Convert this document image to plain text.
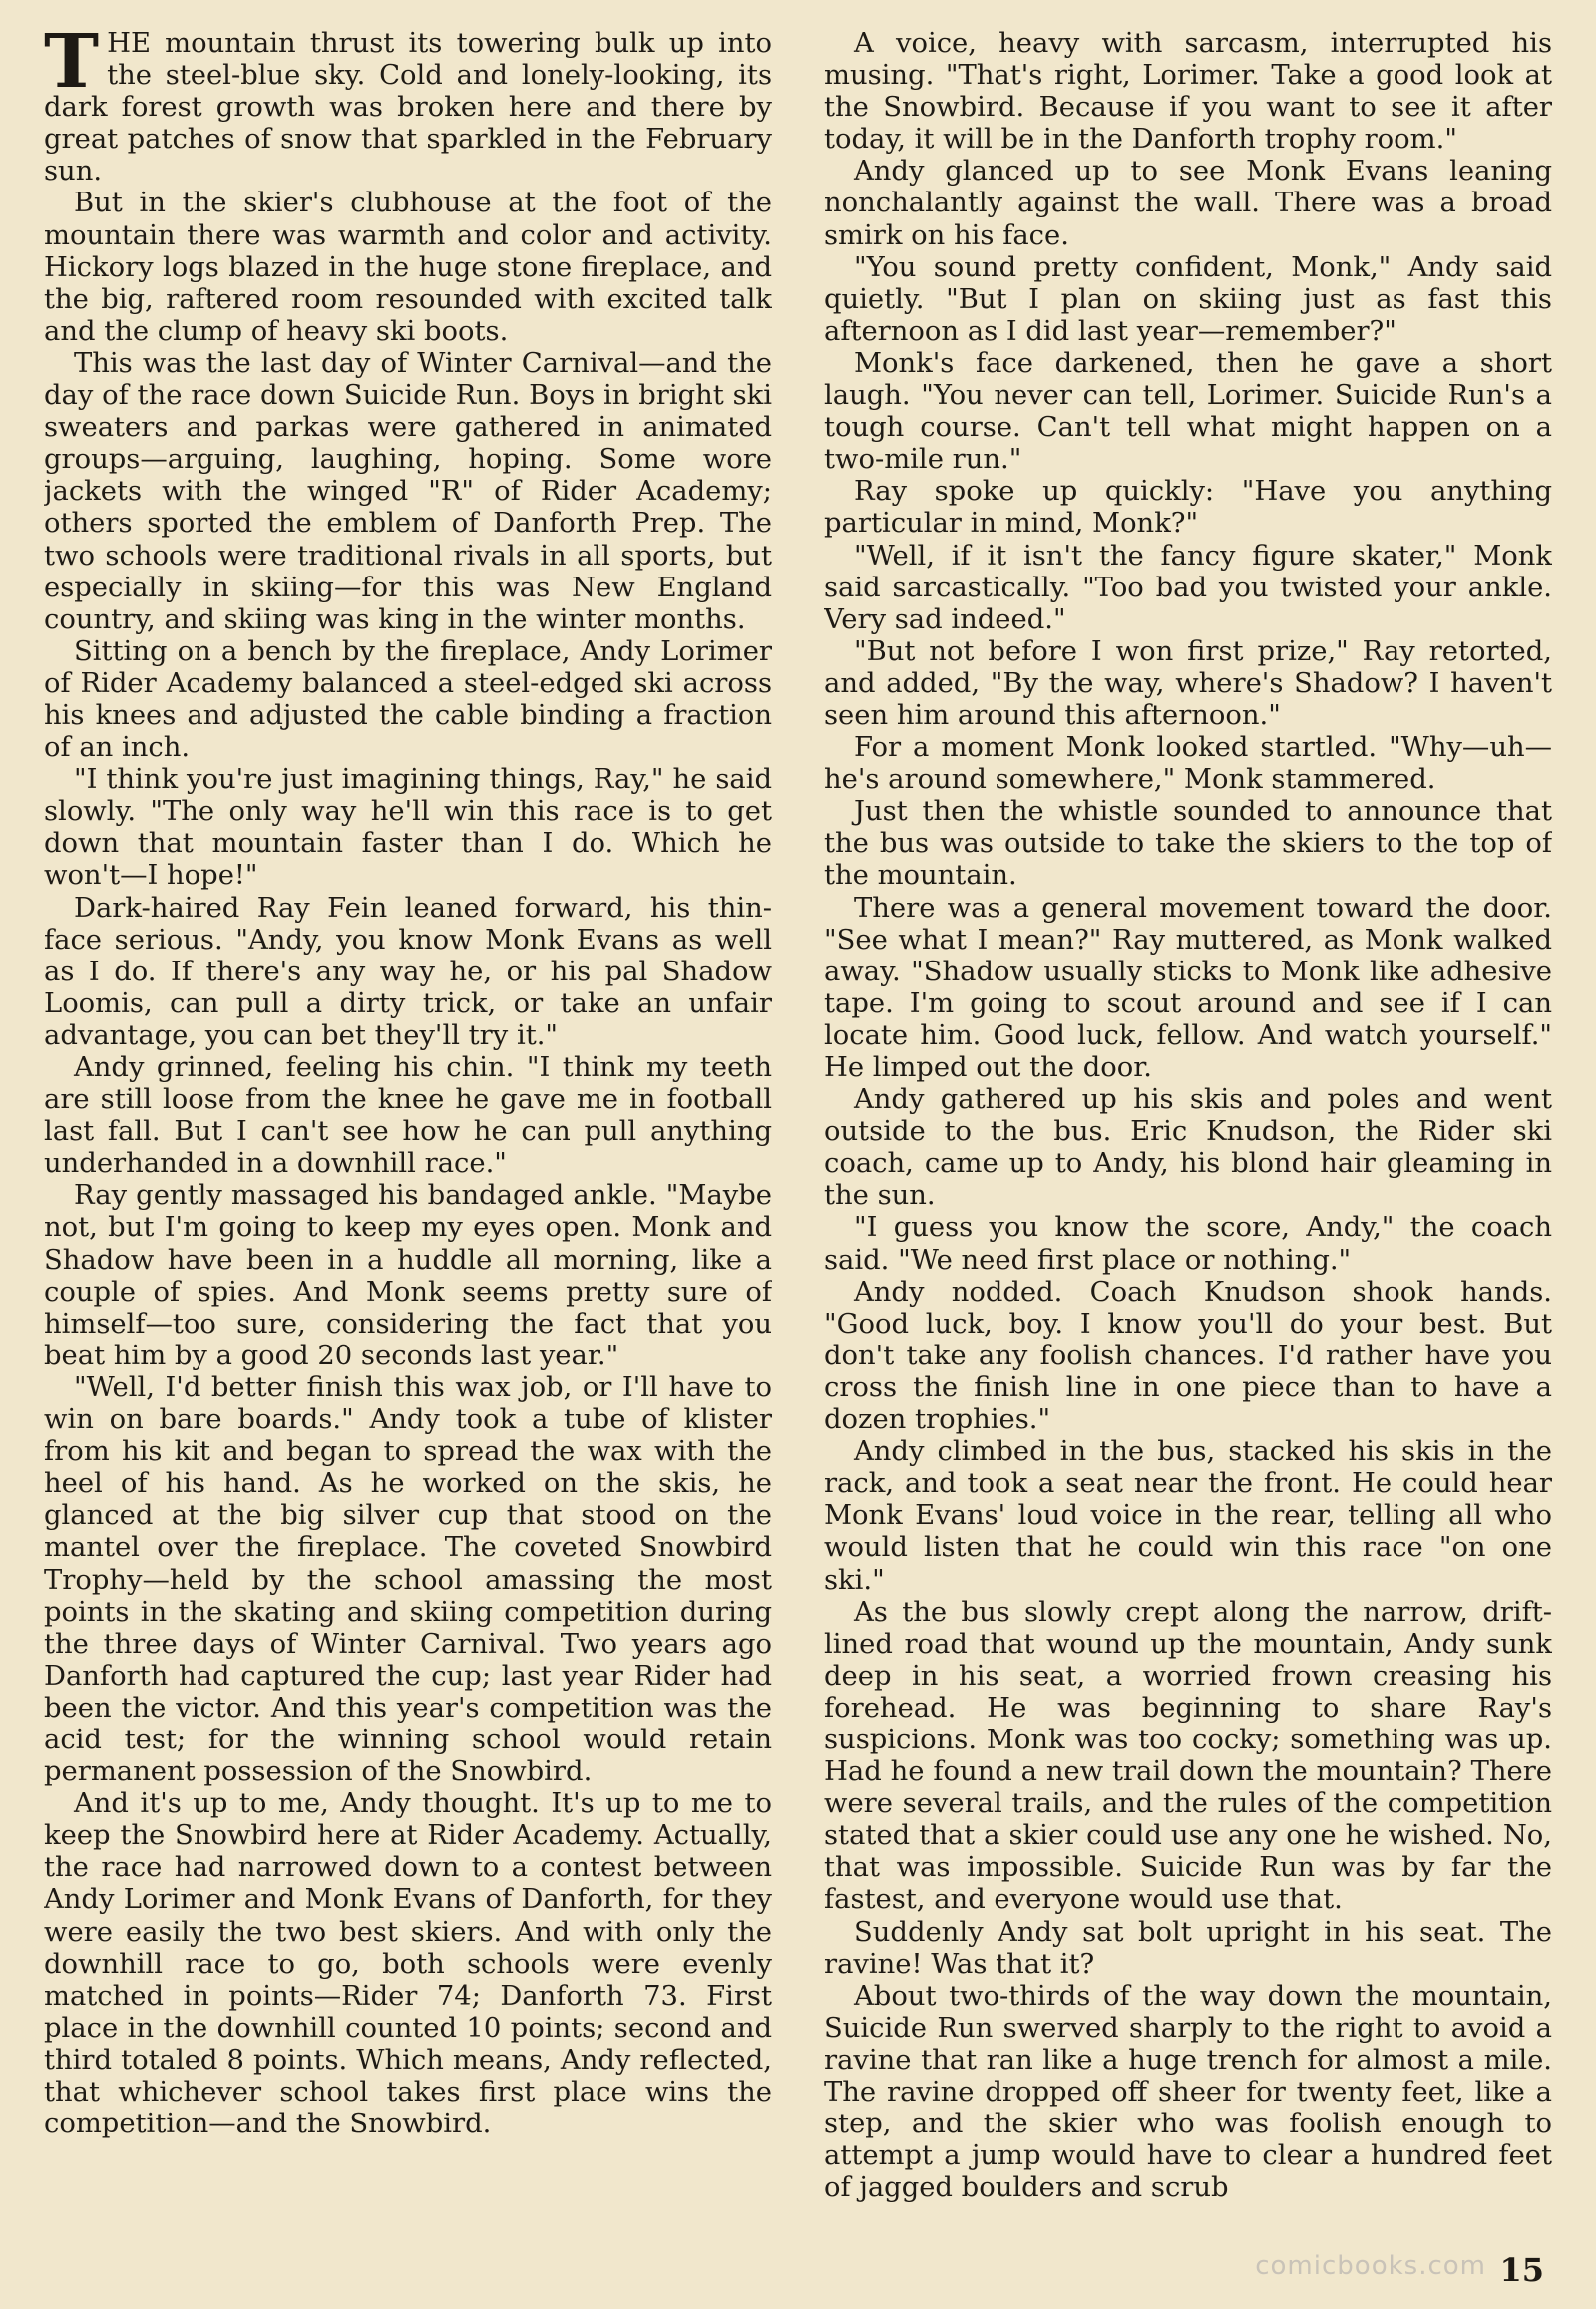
THE mountain thrust its towering bulk up into the steel-blue sky. Cold and lonely-looking, its dark forest growth was broken here and there by great patches of snow that sparkled in the February sun.

But in the skier's clubhouse at the foot of the mountain there was warmth and color and activity. Hickory logs blazed in the huge stone fireplace, and the big, raftered room resounded with excited talk and the clump of heavy ski boots.

This was the last day of Winter Carnival—and the day of the race down Suicide Run. Boys in bright ski sweaters and parkas were gathered in animated groups—arguing, laughing, hoping. Some wore jackets with the winged "R" of Rider Academy; others sported the emblem of Danforth Prep. The two schools were traditional rivals in all sports, but especially in skiing—for this was New England country, and skiing was king in the winter months.

Sitting on a bench by the fireplace, Andy Lorimer of Rider Academy balanced a steel-edged ski across his knees and adjusted the cable binding a fraction of an inch.

"I think you're just imagining things, Ray," he said slowly. "The only way he'll win this race is to get down that mountain faster than I do. Which he won't—I hope!"

Dark-haired Ray Fein leaned forward, his thin-face serious. "Andy, you know Monk Evans as well as I do. If there's any way he, or his pal Shadow Loomis, can pull a dirty trick, or take an unfair advantage, you can bet they'll try it."

Andy grinned, feeling his chin. "I think my teeth are still loose from the knee he gave me in football last fall. But I can't see how he can pull anything underhanded in a downhill race."

Ray gently massaged his bandaged ankle. "Maybe not, but I'm going to keep my eyes open. Monk and Shadow have been in a huddle all morning, like a couple of spies. And Monk seems pretty sure of himself—too sure, considering the fact that you beat him by a good 20 seconds last year."

"Well, I'd better finish this wax job, or I'll have to win on bare boards." Andy took a tube of klister from his kit and began to spread the wax with the heel of his hand. As he worked on the skis, he glanced at the big silver cup that stood on the mantel over the fireplace. The coveted Snowbird Trophy—held by the school amassing the most points in the skating and skiing competition during the three days of Winter Carnival. Two years ago Danforth had captured the cup; last year Rider had been the victor. And this year's competition was the acid test; for the winning school would retain permanent possession of the Snowbird.

And it's up to me, Andy thought. It's up to me to keep the Snowbird here at Rider Academy. Actually, the race had narrowed down to a contest between Andy Lorimer and Monk Evans of Danforth, for they were easily the two best skiers. And with only the downhill race to go, both schools were evenly matched in points—Rider 74; Danforth 73. First place in the downhill counted 10 points; second and third totaled 8 points. Which means, Andy reflected, that whichever school takes first place wins the competition—and the Snowbird.

A voice, heavy with sarcasm, interrupted his musing. "That's right, Lorimer. Take a good look at the Snowbird. Because if you want to see it after today, it will be in the Danforth trophy room."

Andy glanced up to see Monk Evans leaning nonchalantly against the wall. There was a broad smirk on his face.

"You sound pretty confident, Monk," Andy said quietly. "But I plan on skiing just as fast this afternoon as I did last year—remember?"

Monk's face darkened, then he gave a short laugh. "You never can tell, Lorimer. Suicide Run's a tough course. Can't tell what might happen on a two-mile run."

Ray spoke up quickly: "Have you anything particular in mind, Monk?"

"Well, if it isn't the fancy figure skater," Monk said sarcastically. "Too bad you twisted your ankle. Very sad indeed."

"But not before I won first prize," Ray retorted, and added, "By the way, where's Shadow? I haven't seen him around this afternoon."

For a moment Monk looked startled. "Why—uh—he's around somewhere," Monk stammered.

Just then the whistle sounded to announce that the bus was outside to take the skiers to the top of the mountain.

There was a general movement toward the door. "See what I mean?" Ray muttered, as Monk walked away. "Shadow usually sticks to Monk like adhesive tape. I'm going to scout around and see if I can locate him. Good luck, fellow. And watch yourself." He limped out the door.

Andy gathered up his skis and poles and went outside to the bus. Eric Knudson, the Rider ski coach, came up to Andy, his blond hair gleaming in the sun.

"I guess you know the score, Andy," the coach said. "We need first place or nothing."

Andy nodded. Coach Knudson shook hands. "Good luck, boy. I know you'll do your best. But don't take any foolish chances. I'd rather have you cross the finish line in one piece than to have a dozen trophies."

Andy climbed in the bus, stacked his skis in the rack, and took a seat near the front. He could hear Monk Evans' loud voice in the rear, telling all who would listen that he could win this race "on one ski."

As the bus slowly crept along the narrow, drift-lined road that wound up the mountain, Andy sunk deep in his seat, a worried frown creasing his forehead. He was beginning to share Ray's suspicions. Monk was too cocky; something was up. Had he found a new trail down the mountain? There were several trails, and the rules of the competition stated that a skier could use any one he wished. No, that was impossible. Suicide Run was by far the fastest, and everyone would use that.

Suddenly Andy sat bolt upright in his seat. The ravine! Was that it?

About two-thirds of the way down the mountain, Suicide Run swerved sharply to the right to avoid a ravine that ran like a huge trench for almost a mile. The ravine dropped off sheer for twenty feet, like a step, and the skier who was foolish enough to attempt a jump would have to clear a hundred feet of jagged boulders and scrub

comicbooks.com 15
